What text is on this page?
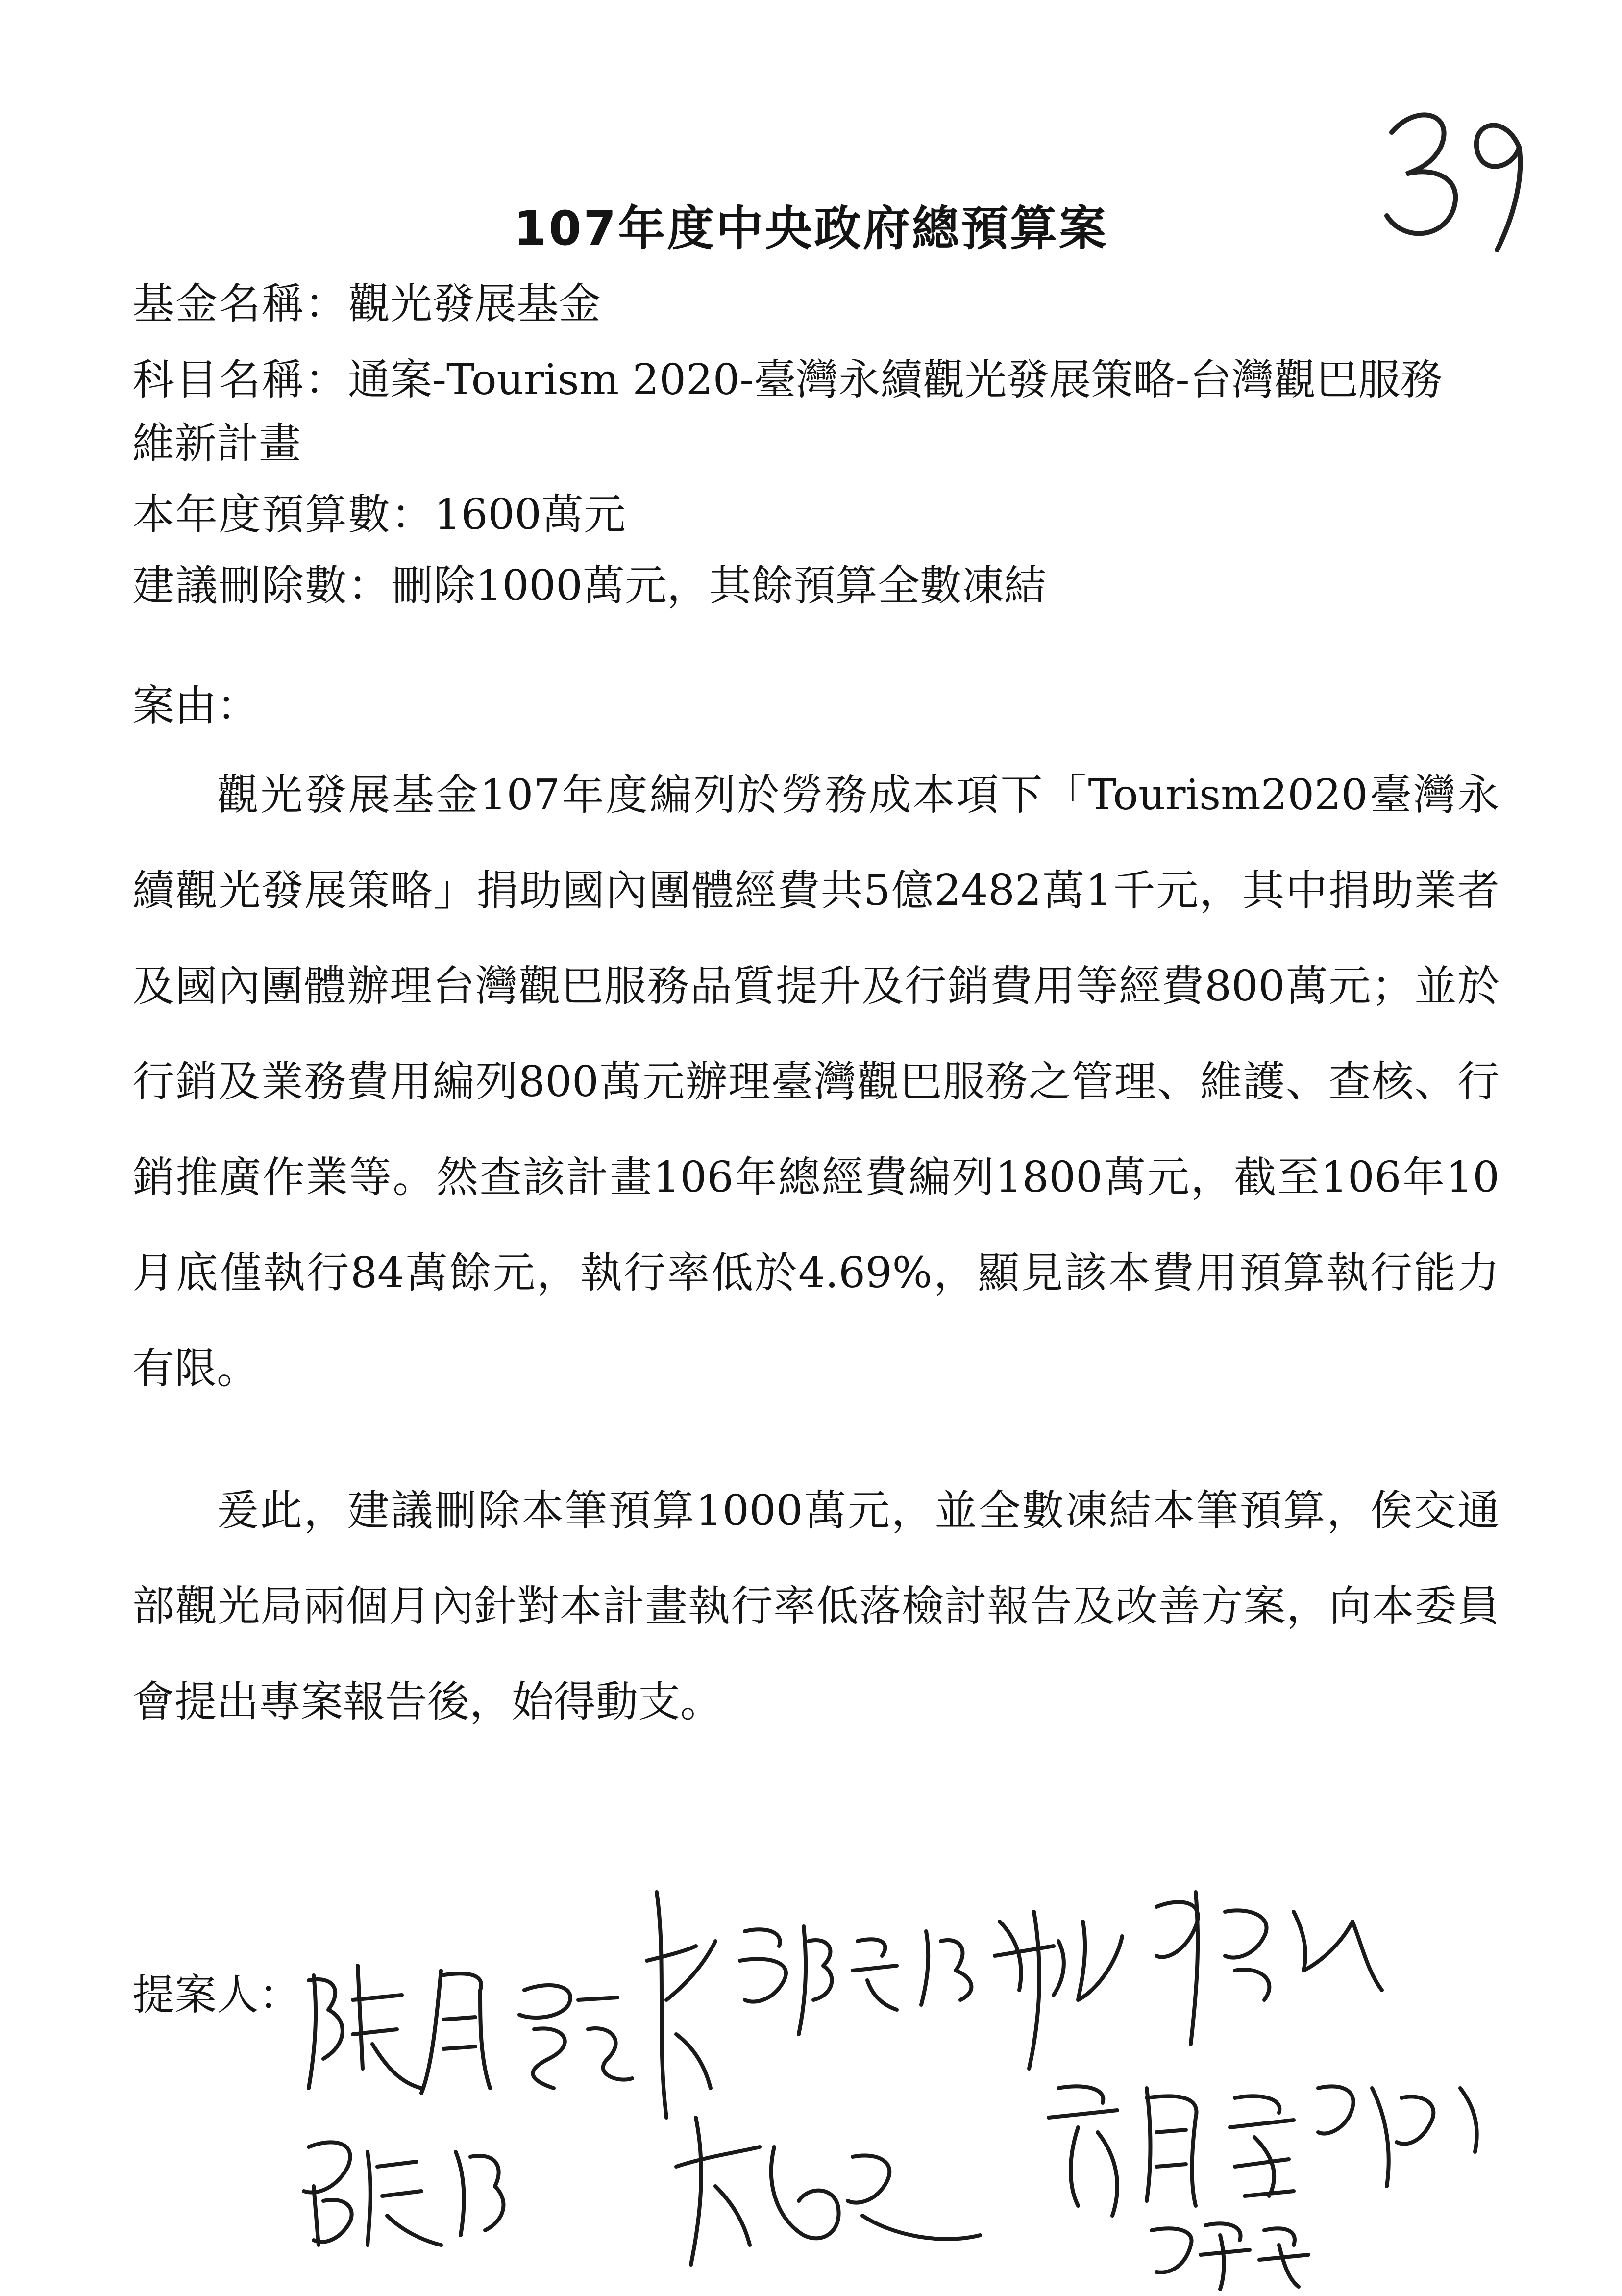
107年度中央政府總預算案
基金名稱：觀光發展基金
科目名稱：通案-Tourism 2020-臺灣永續觀光發展策略-台灣觀巴服務
維新計畫
本年度預算數：1600萬元
建議刪除數：刪除1000萬元，其餘預算全數凍結
案由：
觀光發展基金107年度編列於勞務成本項下「Tourism2020臺灣永續觀光發展策略」捐助國內團體經費共5億2482萬1千元，其中捐助業者及國內團體辦理台灣觀巴服務品質提升及行銷費用等經費800萬元；並於行銷及業務費用編列800萬元辦理臺灣觀巴服務之管理、維護、查核、行銷推廣作業等。然查該計畫106年總經費編列1800萬元，截至106年10月底僅執行84萬餘元，執行率低於4.69%，顯見該本費用預算執行能力有限。
爰此，建議刪除本筆預算1000萬元，並全數凍結本筆預算，俟交通部觀光局兩個月內針對本計畫執行率低落檢討報告及改善方案，向本委員會提出專案報告後，始得動支。
提案人：
